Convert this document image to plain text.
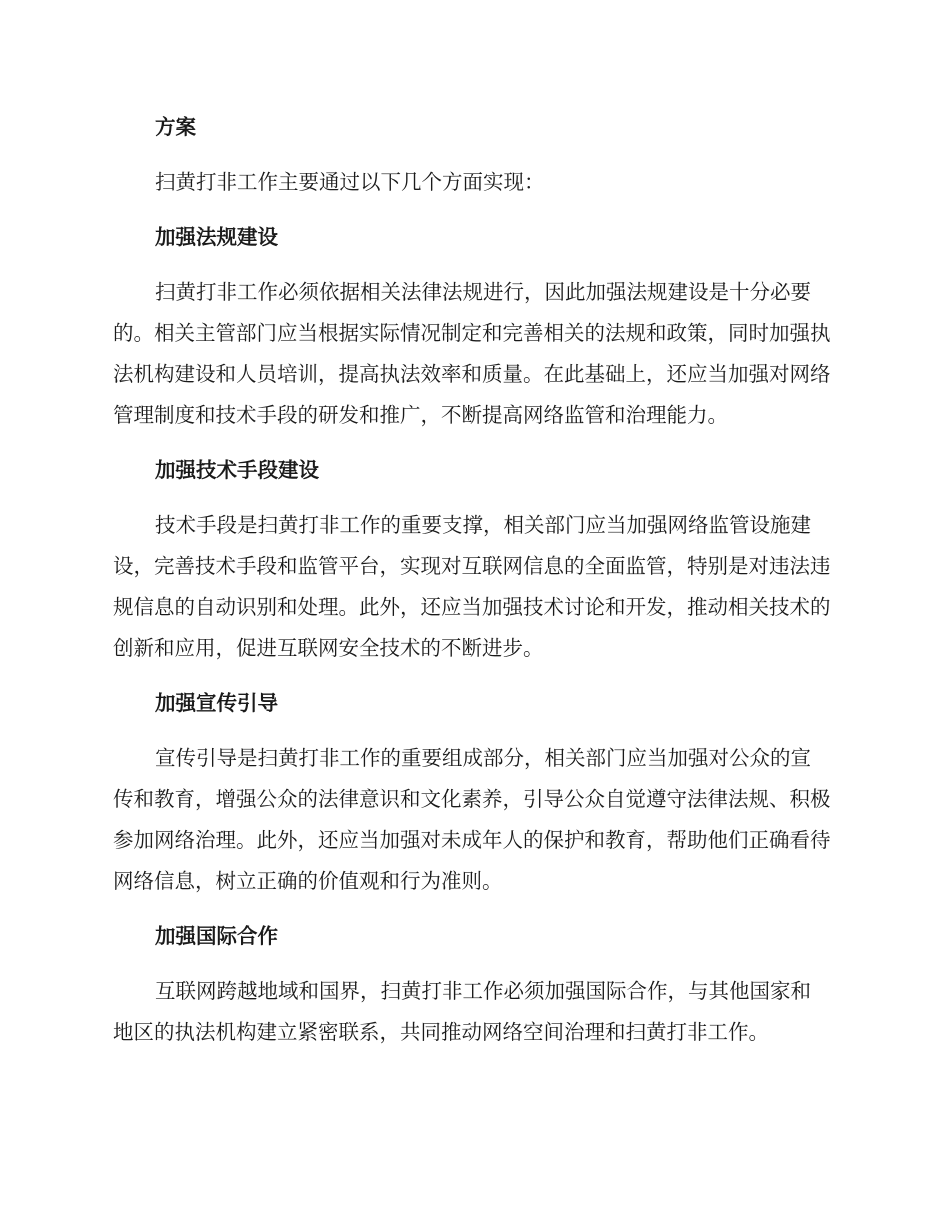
方案

扫黄打非工作主要通过以下几个方面实现：

加强法规建设

扫黄打非工作必须依据相关法律法规进行，因此加强法规建设是十分必要的。相关主管部门应当根据实际情况制定和完善相关的法规和政策，同时加强执法机构建设和人员培训，提高执法效率和质量。在此基础上，还应当加强对网络管理制度和技术手段的研发和推广，不断提高网络监管和治理能力。

加强技术手段建设

技术手段是扫黄打非工作的重要支撑，相关部门应当加强网络监管设施建设，完善技术手段和监管平台，实现对互联网信息的全面监管，特别是对违法违规信息的自动识别和处理。此外，还应当加强技术讨论和开发，推动相关技术的创新和应用，促进互联网安全技术的不断进步。

加强宣传引导

宣传引导是扫黄打非工作的重要组成部分，相关部门应当加强对公众的宣传和教育，增强公众的法律意识和文化素养，引导公众自觉遵守法律法规、积极参加网络治理。此外，还应当加强对未成年人的保护和教育，帮助他们正确看待网络信息，树立正确的价值观和行为准则。

加强国际合作

互联网跨越地域和国界，扫黄打非工作必须加强国际合作，与其他国家和地区的执法机构建立紧密联系，共同推动网络空间治理和扫黄打非工作。
